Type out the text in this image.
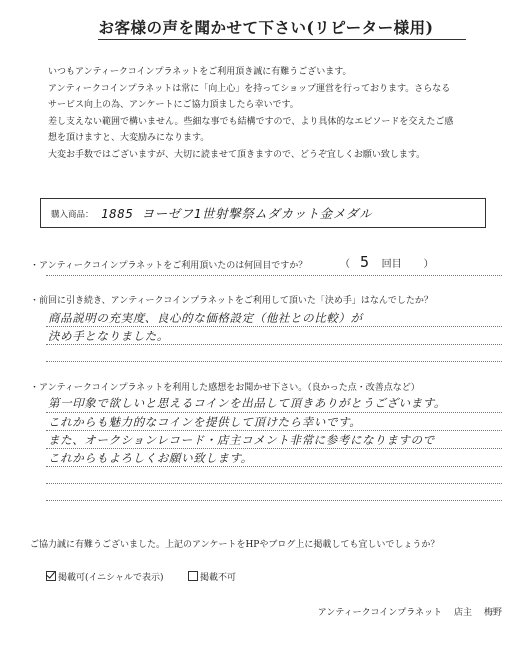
お客様の声を聞かせて下さい(リピーター様用)

いつもアンティークコインプラネットをご利用頂き誠に有難うございます。

アンティークコインプラネットは常に「向上心」を持ってショップ運営を行っております。さらなる

サービス向上の為、アンケートにご協力頂ましたら幸いです。

差し支えない範囲で構いません。些細な事でも結構ですので、より具体的なエピソードを交えたご感

想を頂けますと、大変励みになります。

大変お手数ではございますが、大切に読ませて頂きますので、どうぞ宜しくお願い致します。

購入商品： 1885 ヨーゼフ1世射撃祭ムダカット金メダル
・アンティークコインプラネットをご利用頂いたのは何回目ですか？	（ 5 回目 ）
・前回に引き続き、アンティークコインプラネットをご利用して頂いた「決め手」はなんでしたか？
商品説明の充実度、良心的な価格設定（他社との比較）が
決め手となりました。
・アンティークコインプラネットを利用した感想をお聞かせ下さい。（良かった点・改善点など）
第一印象で欲しいと思えるコインを出品して頂きありがとうございます。
これからも魅力的なコインを提供して頂けたら幸いです。
また、オークションレコード・店主コメント非常に参考になりますので
これからもよろしくお願い致します。
ご協力誠に有難うございました。上記のアンケートをHPやブログ上に掲載しても宜しいでしょうか？
掲載可(イニシャルで表示)	掲載不可
アンティークコインプラネット 店主 梅野
